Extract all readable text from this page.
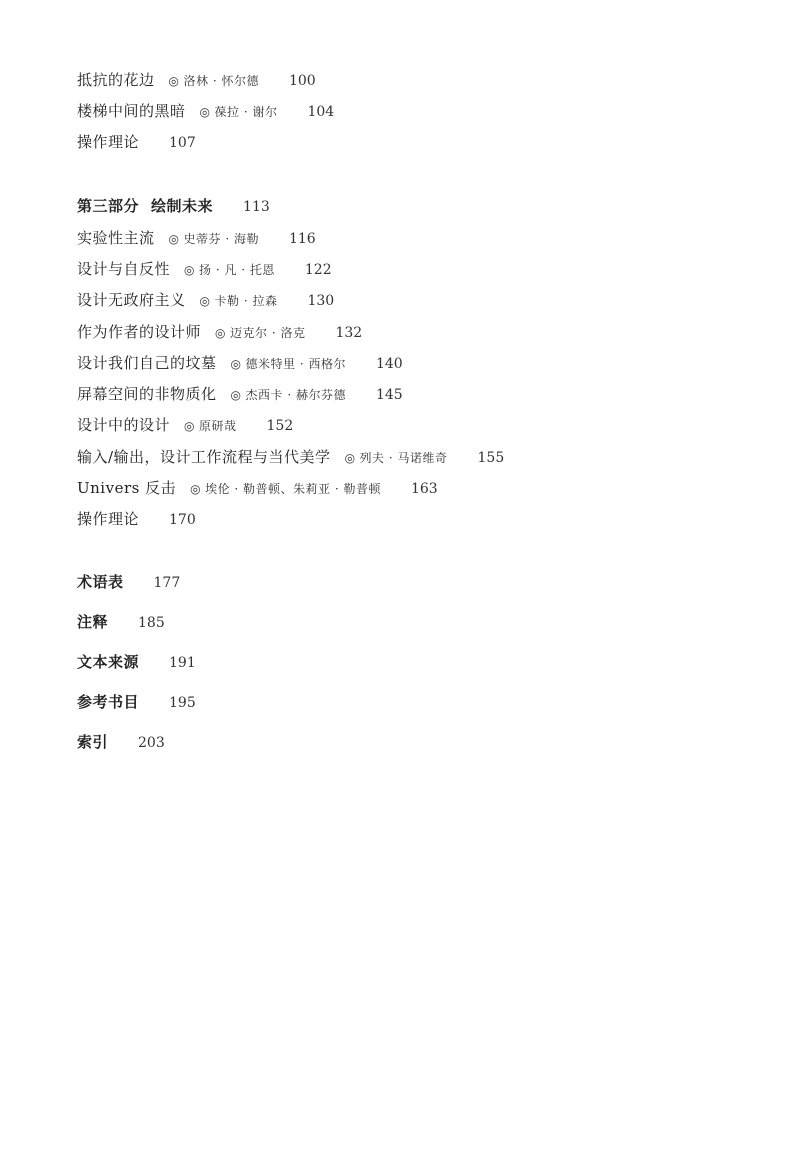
抵抗的花边 ◎ 洛林 · 怀尔德 100
楼梯中间的黑暗 ◎ 葆拉 · 谢尔 104
操作理论 107
第三部分 绘制未来 113
实验性主流 ◎ 史蒂芬 · 海勒 116
设计与自反性 ◎ 扬 · 凡 · 托恩 122
设计无政府主义 ◎ 卡勒 · 拉森 130
作为作者的设计师 ◎ 迈克尔 · 洛克 132
设计我们自己的坟墓 ◎ 德米特里 · 西格尔 140
屏幕空间的非物质化 ◎ 杰西卡 · 赫尔芬德 145
设计中的设计 ◎ 原研哉 152
输入/输出，设计工作流程与当代美学 ◎ 列夫 · 马诺维奇 155
Univers 反击 ◎ 埃伦 · 勒普顿、朱莉亚 · 勒普顿 163
操作理论 170
术语表 177
注释 185
文本来源 191
参考书目 195
索引 203
